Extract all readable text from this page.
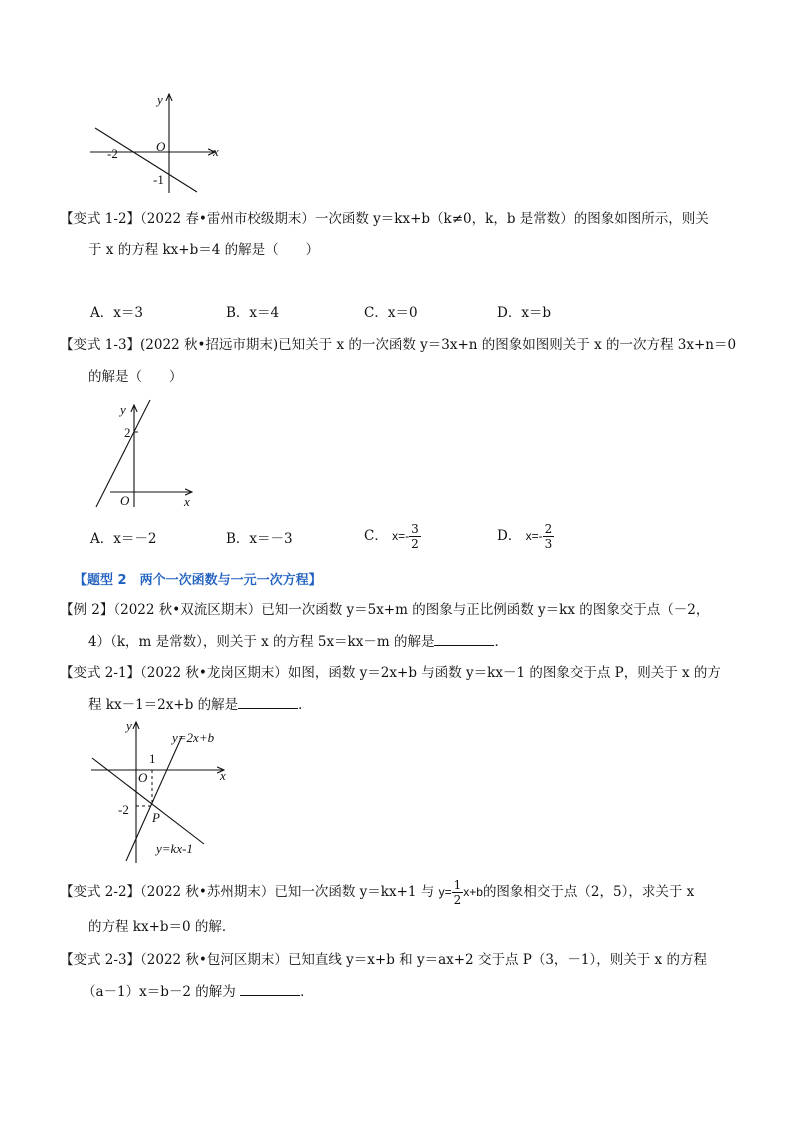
y
x
O
-2
-1
【变式 1-2】（2022 春•雷州市校级期末）一次函数 y＝kx+b（k≠0，k，b 是常数）的图象如图所示，则关
于 x 的方程 kx+b＝4 的解是（　　）
A．x＝3	B．x＝4	C．x＝0	D．x＝b
【变式 1-3】(2022 秋•招远市期末)已知关于 x 的一次函数 y＝3x+n 的图象如图则关于 x 的一次方程 3x+n＝0
的解是（　　）
y
x
O
2
A．x＝－2	B．x＝－3	C． $x=- \frac{3}{2}$	D． $x=- \frac{2}{3}$
【题型 2　两个一次函数与一元一次方程】
【例 2】（2022 秋•双流区期末）已知一次函数 y＝5x+m 的图象与正比例函数 y＝kx 的图象交于点（－2，
4）（k，m 是常数），则关于 x 的方程 5x＝kx－m 的解是	．
【变式 2-1】（2022 秋•龙岗区期末）如图，函数 y＝2x+b 与函数 y＝kx－1 的图象交于点 P，则关于 x 的方
程 kx－1＝2x+b 的解是	．
y
x
O
1
-2
P
y=2x+b
y=kx-1
【变式 2-2】（2022 秋•苏州期末）已知一次函数 y＝kx+1 与 $y= \frac{1}{2} x+b$的图象相交于点（2，5），求关于 x
的方程 kx+b＝0 的解．
【变式 2-3】（2022 秋•包河区期末）已知直线 y＝x+b 和 y＝ax+2 交于点 P（3，－1），则关于 x 的方程
（a－1）x＝b－2 的解为	．
